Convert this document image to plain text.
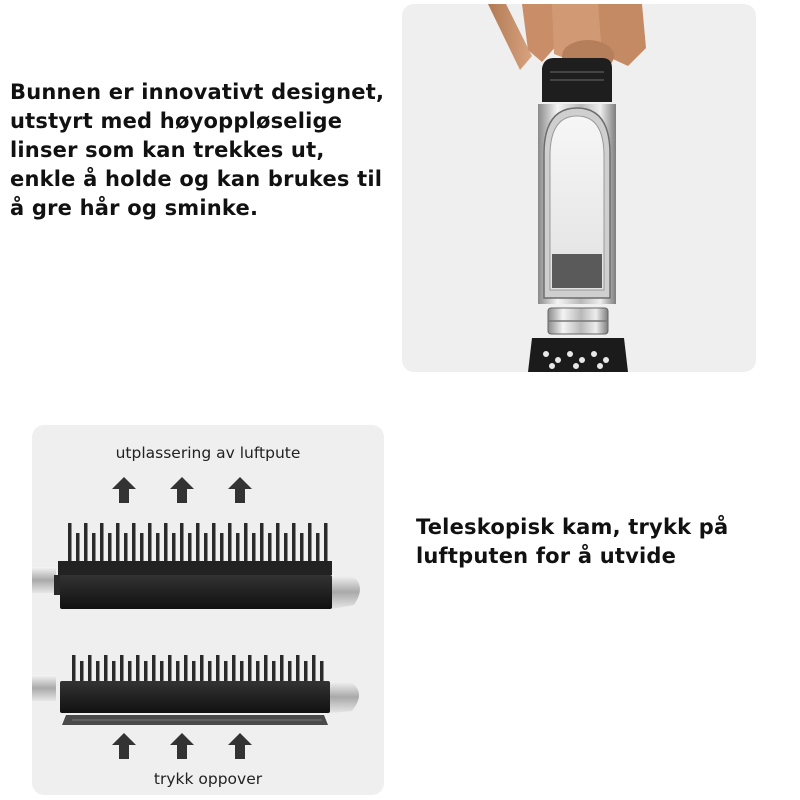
Bunnen er innovativt designet,
utstyrt med høyoppløselige
linser som kan trekkes ut,
enkle å holde og kan brukes til
å gre hår og sminke.
utplassering av luftpute
trykk oppover
Teleskopisk kam, trykk på
luftputen for å utvide
